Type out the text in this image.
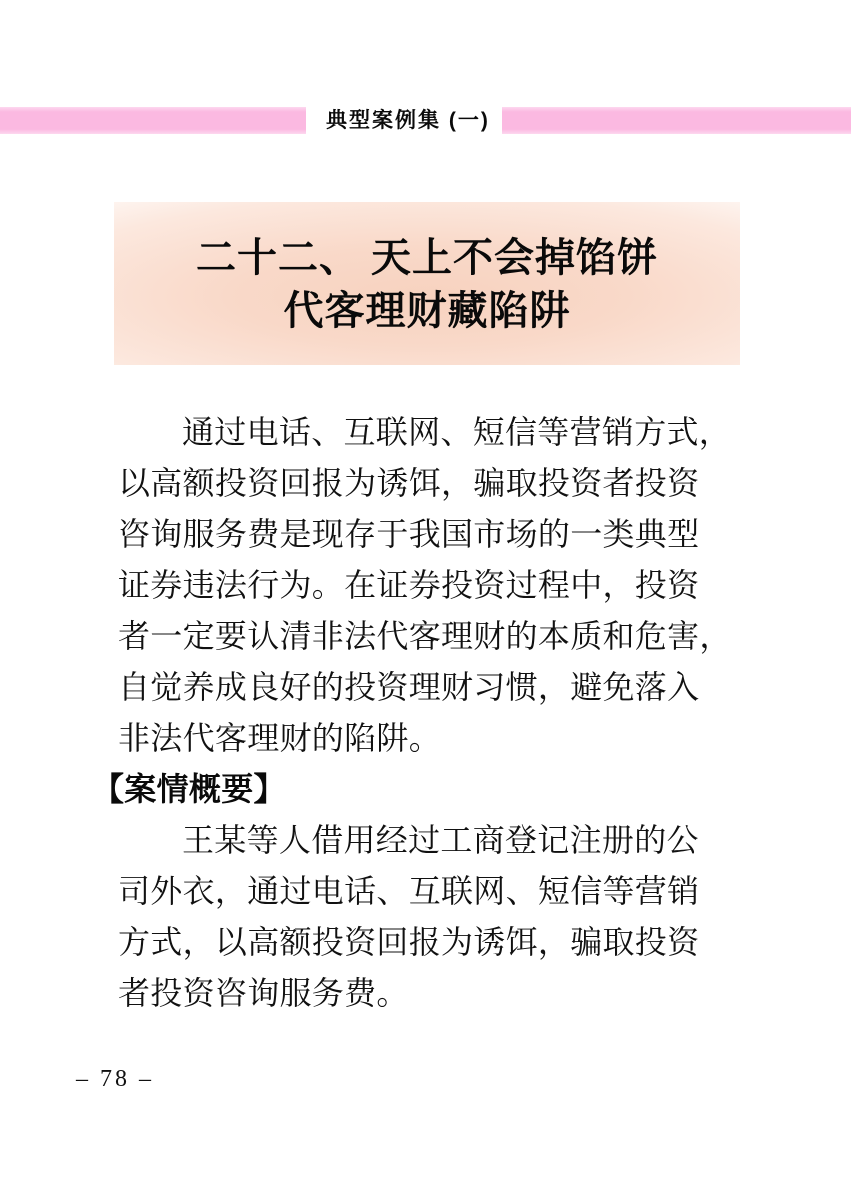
典型案例集 (一)
二十二、 天上不会掉馅饼
代客理财藏陷阱
通过电话、互联网、短信等营销方式，
以高额投资回报为诱饵，骗取投资者投资
咨询服务费是现存于我国市场的一类典型
证券违法行为。在证券投资过程中，投资
者一定要认清非法代客理财的本质和危害，
自觉养成良好的投资理财习惯，避免落入
非法代客理财的陷阱。
【案情概要】
王某等人借用经过工商登记注册的公
司外衣，通过电话、互联网、短信等营销
方式，以高额投资回报为诱饵，骗取投资
者投资咨询服务费。
– 78 –
